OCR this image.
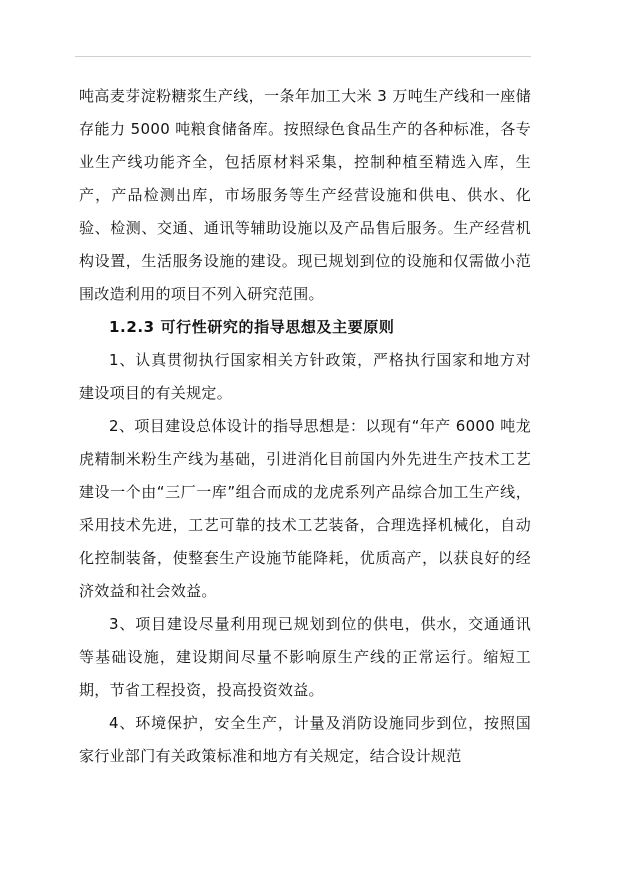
吨高麦芽淀粉糖浆生产线，一条年加工大米 3 万吨生产线和一座储存能力 5000 吨粮食储备库。按照绿色食品生产的各种标准，各专业生产线功能齐全，包括原材料采集，控制种植至精选入库，生产，产品检测出库，市场服务等生产经营设施和供电、供水、化验、检测、交通、通讯等辅助设施以及产品售后服务。生产经营机构设置，生活服务设施的建设。现已规划到位的设施和仅需做小范围改造利用的项目不列入研究范围。

1.2.3 可行性研究的指导思想及主要原则

1、认真贯彻执行国家相关方针政策，严格执行国家和地方对建设项目的有关规定。

2、项目建设总体设计的指导思想是：以现有“年产 6000 吨龙虎精制米粉生产线为基础，引进消化目前国内外先进生产技术工艺建设一个由“三厂一库”组合而成的龙虎系列产品综合加工生产线，采用技术先进，工艺可靠的技术工艺装备，合理选择机械化，自动化控制装备，使整套生产设施节能降耗，优质高产，以获良好的经济效益和社会效益。

3、项目建设尽量利用现已规划到位的供电，供水，交通通讯等基础设施，建设期间尽量不影响原生产线的正常运行。缩短工期，节省工程投资，投高投资效益。

4、环境保护，安全生产，计量及消防设施同步到位，按照国家行业部门有关政策标准和地方有关规定，结合设计规范
